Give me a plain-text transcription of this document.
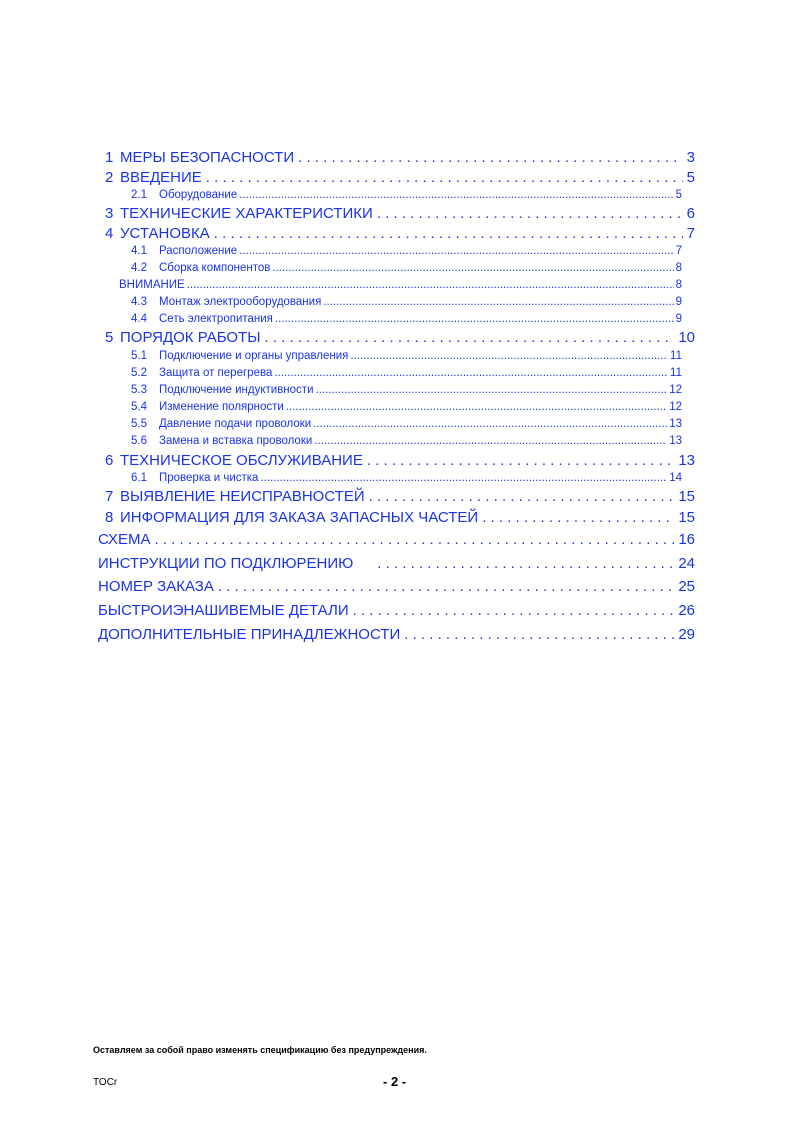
1 МЕРЫ БЕЗОПАСНОСТИ . . .	3
2 ВВЕДЕНИЕ . . .	5
2.1	Оборудование .....	5
3 ТЕХНИЧЕСКИЕ ХАРАКТЕРИСТИКИ . . .	6
4 УСТАНОВКА . . .	7
4.1	Расположение .....	7
4.2	Сборка компонентов .....	8
ВНИМАНИЕ .....	8
4.3	Монтаж электрооборудования .....	9
4.4	Сеть электропитания .....	9
5 ПОРЯДОК РАБОТЫ . . .	10
5.1	Подключение и органы управления .....	11
5.2	Защита от перегрева .....	11
5.3	Подключение индуктивности .....	12
5.4	Изменение полярности .....	12
5.5	Давление подачи проволоки .....	13
5.6	Замена и вставка проволоки .....	13
6 ТЕХНИЧЕСКОЕ ОБСЛУЖИВАНИЕ . . .	13
6.1	Проверка и чистка .....	14
7 ВЫЯВЛЕНИЕ НЕИСПРАВНОСТЕЙ . . .	15
8 ИНФОРМАЦИЯ ДЛЯ ЗАКАЗА ЗАПАСНЫХ ЧАСТЕЙ . . .	15
СХЕМА . . .	16
ИНСТРУКЦИИ ПО ПОДКЛЮРЕНИЮ . . .	24
НОМЕР ЗАКАЗА . . .	25
БЫСТРОИЭНАШИВЕМЫЕ ДЕТАЛИ . . .	26
ДОПОЛНИТЕЛЬНЫЕ ПРИНАДЛЕЖНОСТИ . . .	29
Оставляем за собой право изменять спецификацию без предупреждения.
TOCr	- 2 -
